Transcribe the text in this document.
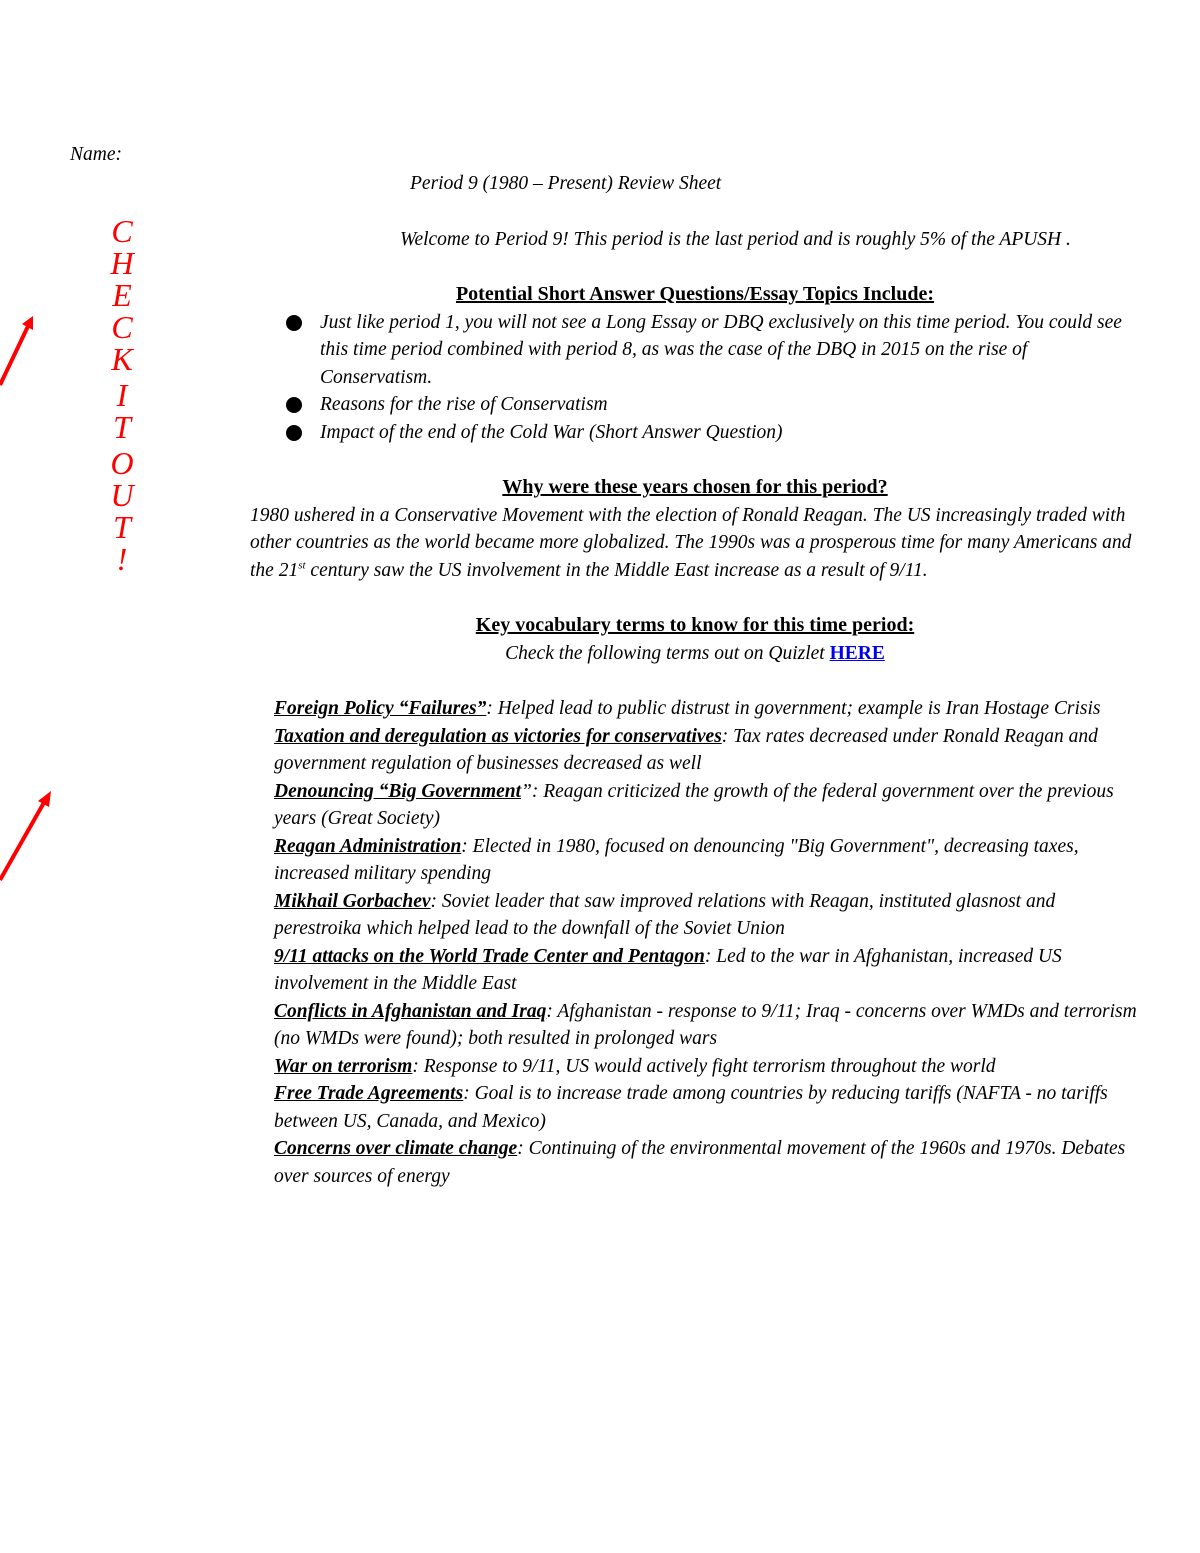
Name:
C
H
E
C
K
I
T
O
U
T
!
Period 9 (1980 – Present) Review Sheet
Welcome to Period 9! This period is the last period and is roughly 5% of the APUSH .
Potential Short Answer Questions/Essay Topics Include:
Just like period 1, you will not see a Long Essay or DBQ exclusively on this time period. You could see this time period combined with period 8, as was the case of the DBQ in 2015 on the rise of Conservatism.
Reasons for the rise of Conservatism
Impact of the end of the Cold War (Short Answer Question)
Why were these years chosen for this period?
1980 ushered in a Conservative Movement with the election of Ronald Reagan. The US increasingly traded with other countries as the world became more globalized. The 1990s was a prosperous time for many Americans and the 21st century saw the US involvement in the Middle East increase as a result of 9/11.
Key vocabulary terms to know for this time period:
Check the following terms out on Quizlet HERE

Foreign Policy “Failures”: Helped lead to public distrust in government; example is Iran Hostage Crisis

Taxation and deregulation as victories for conservatives: Tax rates decreased under Ronald Reagan and government regulation of businesses decreased as well

Denouncing “Big Government”: Reagan criticized the growth of the federal government over the previous years (Great Society)

Reagan Administration: Elected in 1980, focused on denouncing "Big Government", decreasing taxes, increased military spending

Mikhail Gorbachev: Soviet leader that saw improved relations with Reagan, instituted glasnost and perestroika which helped lead to the downfall of the Soviet Union

9/11 attacks on the World Trade Center and Pentagon: Led to the war in Afghanistan, increased US involvement in the Middle East

Conflicts in Afghanistan and Iraq: Afghanistan - response to 9/11; Iraq - concerns over WMDs and terrorism (no WMDs were found); both resulted in prolonged wars

War on terrorism: Response to 9/11, US would actively fight terrorism throughout the world

Free Trade Agreements: Goal is to increase trade among countries by reducing tariffs (NAFTA - no tariffs between US, Canada, and Mexico)

Concerns over climate change: Continuing of the environmental movement of the 1960s and 1970s. Debates over sources of energy
